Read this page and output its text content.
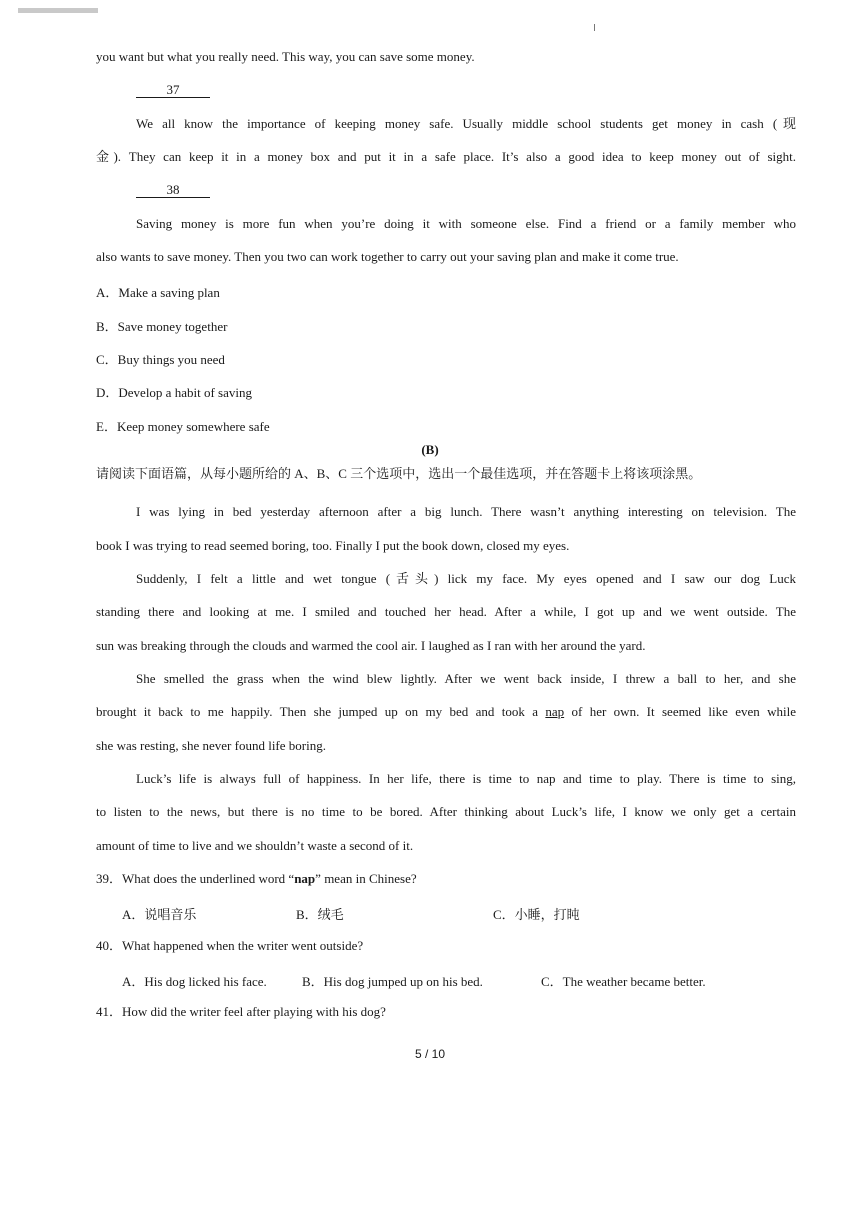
you want but what you really need. This way, you can save some money.
37
We all know the importance of keeping money safe. Usually middle school students get money in cash (现
金). They can keep it in a money box and put it in a safe place. It’s also a good idea to keep money out of sight.
38
Saving money is more fun when you’re doing it with someone else. Find a friend or a family member who
also wants to save money. Then you two can work together to carry out your saving plan and make it come true.
A．Make a saving plan
B．Save money together
C．Buy things you need
D．Develop a habit of saving
E．Keep money somewhere safe
(B)
请阅读下面语篇，从每小题所给的 A、B、C 三个选项中，选出一个最佳选项，并在答题卡上将该项涂黑。
I was lying in bed yesterday afternoon after a big lunch. There wasn’t anything interesting on television. The
book I was trying to read seemed boring, too. Finally I put the book down, closed my eyes.
Suddenly, I felt a little and wet tongue (舌头) lick my face. My eyes opened and I saw our dog Luck
standing there and looking at me. I smiled and touched her head. After a while, I got up and we went outside. The
sun was breaking through the clouds and warmed the cool air. I laughed as I ran with her around the yard.
She smelled the grass when the wind blew lightly. After we went back inside, I threw a ball to her, and she
brought it back to me happily. Then she jumped up on my bed and took a nap of her own. It seemed like even while
she was resting, she never found life boring.
Luck’s life is always full of happiness. In her life, there is time to nap and time to play. There is time to sing,
to listen to the news, but there is no time to be bored. After thinking about Luck’s life, I know we only get a certain
amount of time to live and we shouldn’t waste a second of it.
39．What does the underlined word “nap” mean in Chinese?
A．说唱音乐	B．绒毛	C．小睡，打盹
40．What happened when the writer went outside?
A．His dog licked his face.	B．His dog jumped up on his bed.	C．The weather became better.
41．How did the writer feel after playing with his dog?
5 / 10
